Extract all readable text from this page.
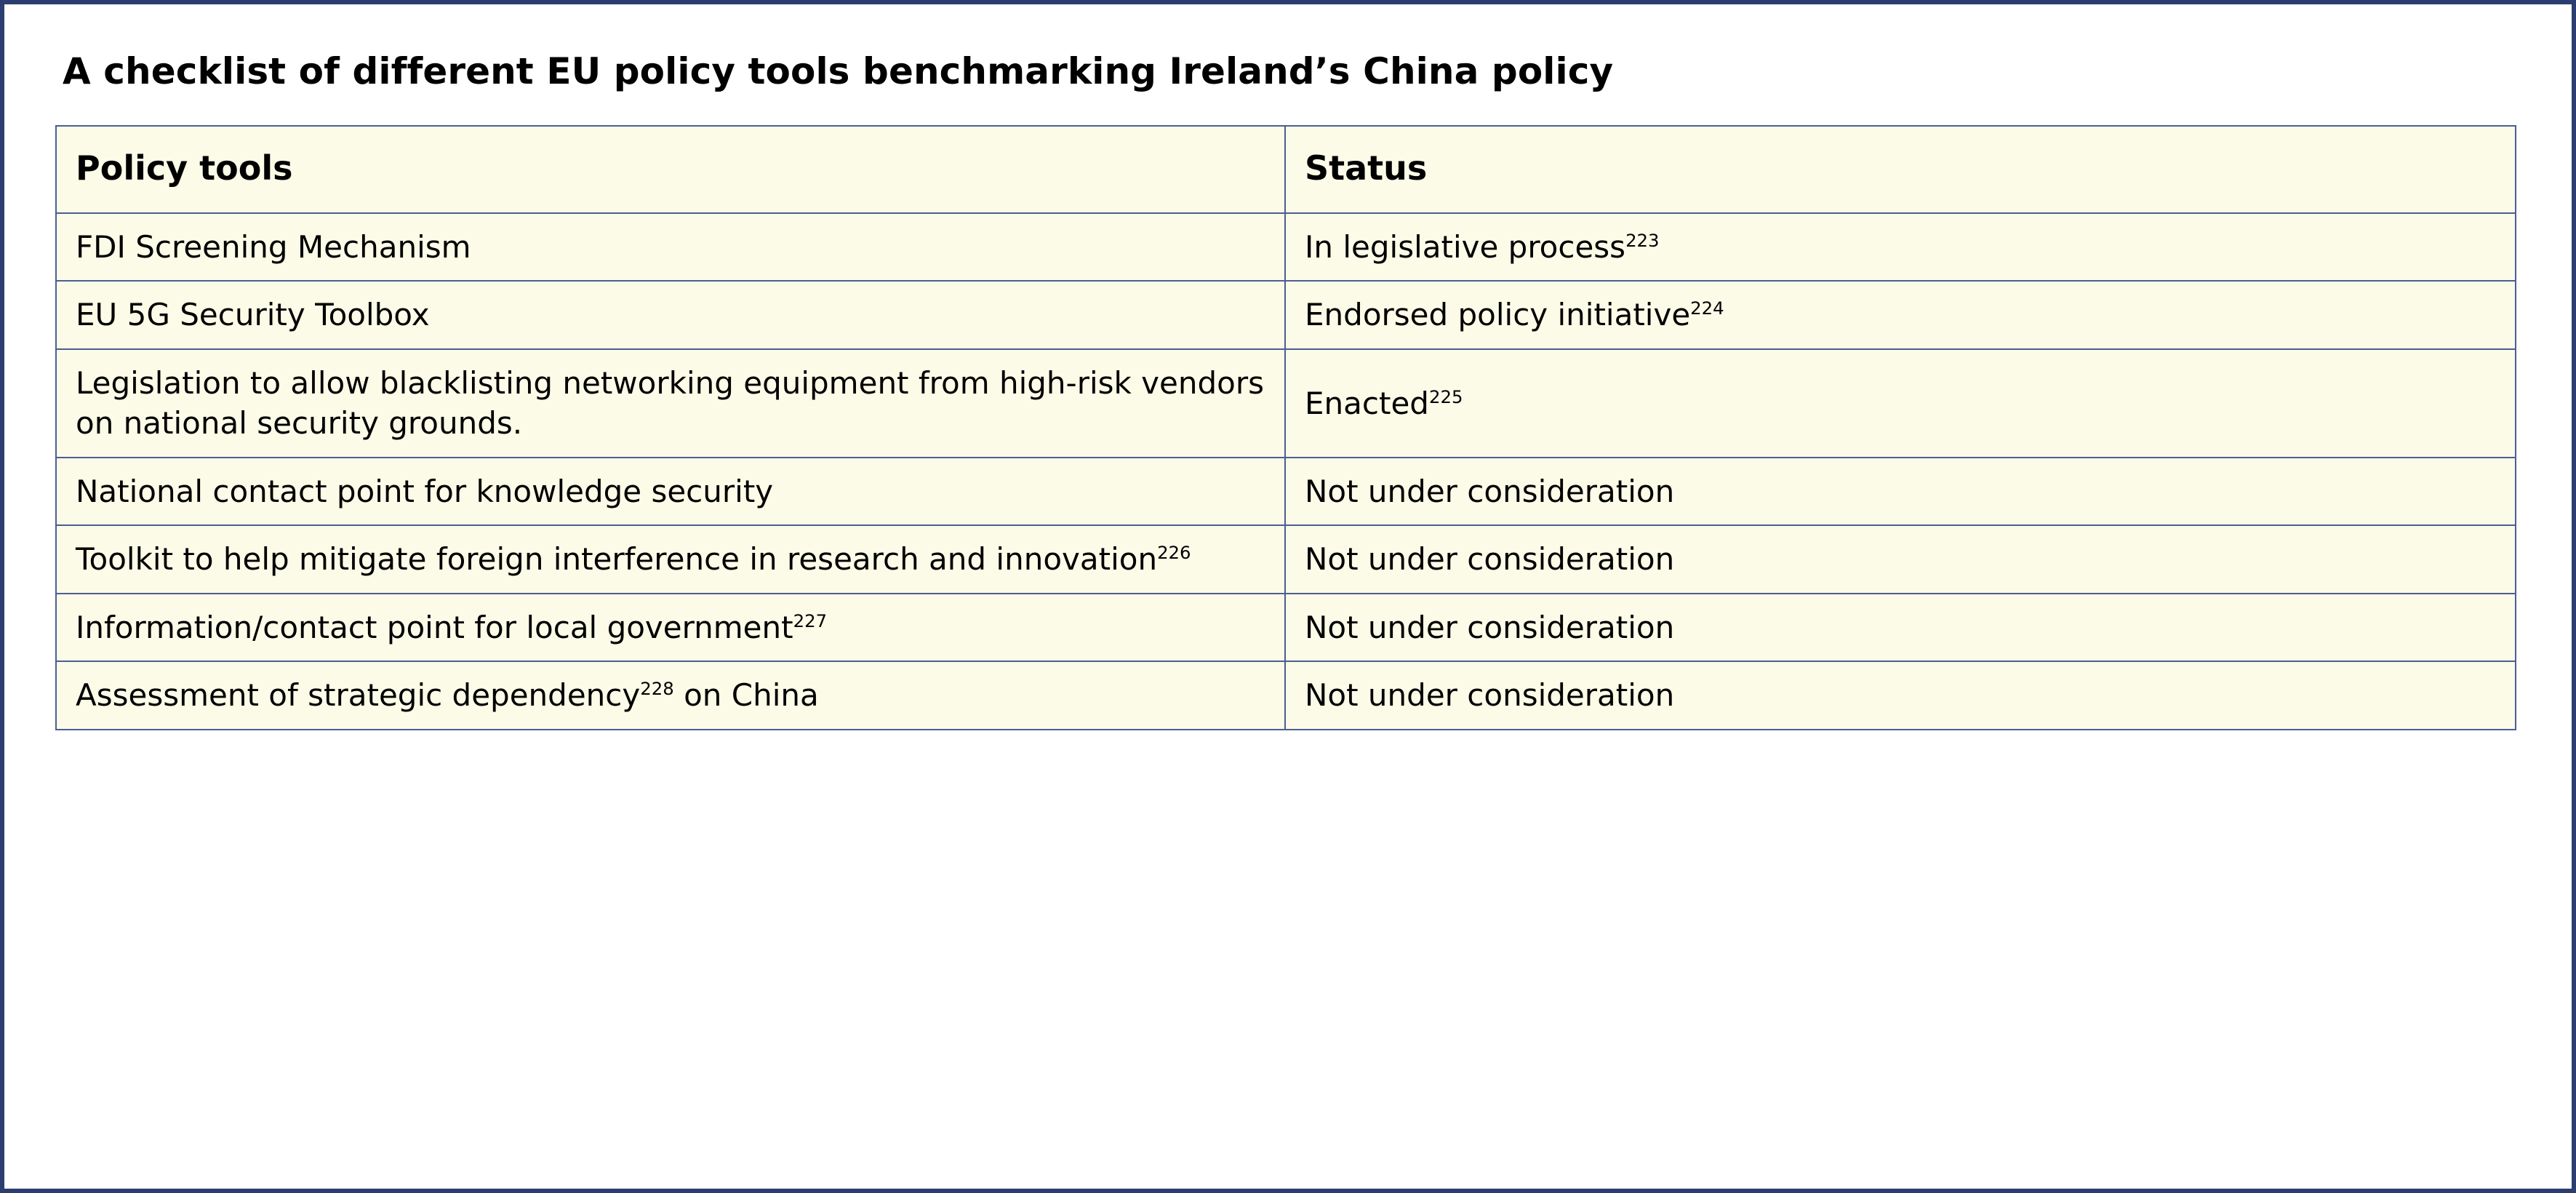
A checklist of different EU policy tools benchmarking Ireland’s China policy
Policy tools	Status
FDI Screening Mechanism	In legislative process$^{223}$
EU 5G Security Toolbox	Endorsed policy initiative$^{224}$
Legislation to allow blacklisting networking equipment from high-risk vendors on national security grounds.	Enacted$^{225}$
National contact point for knowledge security	Not under consideration
Toolkit to help mitigate foreign interference in research and innovation$^{226}$	Not under consideration
Information/contact point for local government$^{227}$	Not under consideration
Assessment of strategic dependency$^{228}$ on China	Not under consideration
